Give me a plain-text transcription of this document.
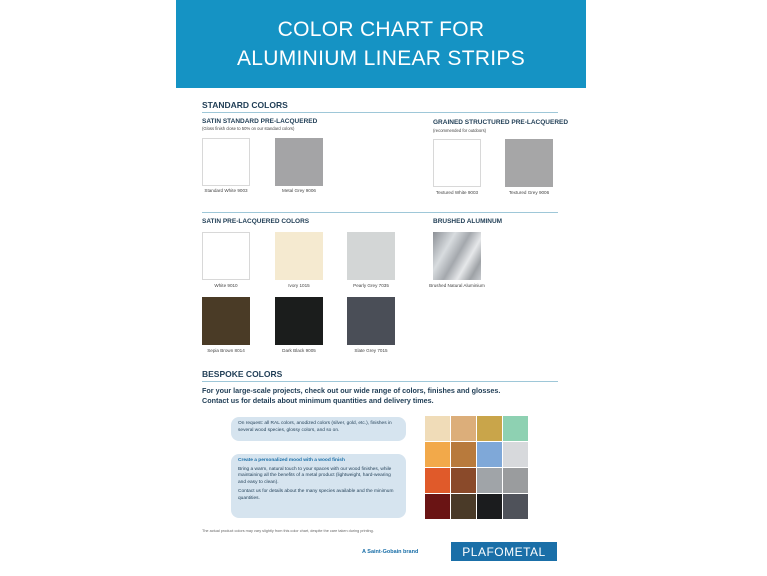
COLOR CHART FOR
ALUMINIUM LINEAR STRIPS
STANDARD COLORS
SATIN STANDARD PRE-LACQUERED
(Gloss finish close to 50% on our standard colors)
GRAINED STRUCTURED PRE-LACQUERED
(recommended for outdoors)
Standard White 9003	Metal Grey 9006	Textured White 9003	Textured Grey 9006
SATIN PRE-LACQUERED COLORS	BRUSHED ALUMINUM
White 9010	Ivory 1015	Pearly Grey 7035	Brushed Natural Aluminium
Sepia Brown 8014	Dark Black 9005	Slate Grey 7015
BESPOKE COLORS
For your large-scale projects, check out our wide range of colors, finishes and glosses.
Contact us for details about minimum quantities and delivery times.
On request: all RAL colors, anodized colors (silver, gold, etc.), finishes in several wood species, glossy colors, and so on.
Create a personalized mood with a wood finish

Bring a warm, natural touch to your spaces with our wood finishes, while maintaining all the benefits of a metal product (lightweight, hard-wearing and easy to clean).

Contact us for details about the many species available and the minimum quantities.

The actual product colors may vary slightly from this color chart, despite the care taken during printing.
A Saint-Gobain brand	PLAFOMETAL
